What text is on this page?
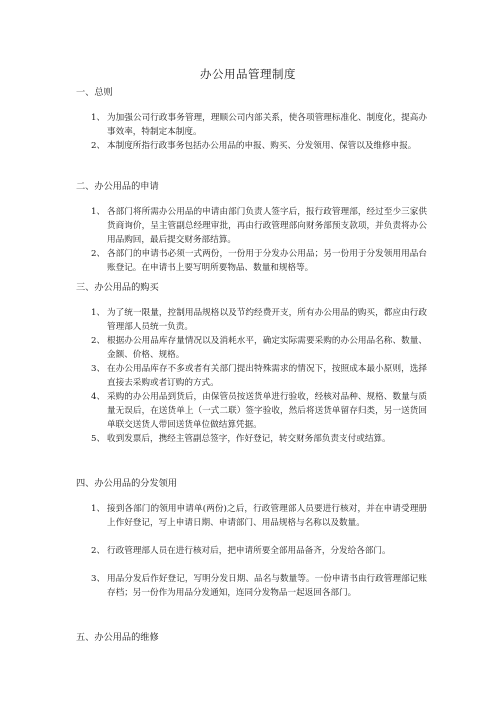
办公用品管理制度
一、总则
1、 为加强公司行政事务管理，理顺公司内部关系，使各项管理标准化、制度化，提高办事效率，特制定本制度。
2、 本制度所指行政事务包括办公用品的申报、购买、分发领用、保管以及维修申报。
二、办公用品的申请
1、 各部门将所需办公用品的申请由部门负责人签字后，报行政管理部，经过至少三家供货商询价，呈主管副总经理审批，再由行政管理部向财务部预支款项，并负责将办公用品购回，最后提交财务部结算。
2、 各部门的申请书必须一式两份，一份用于分发办公用品；另一份用于分发领用用品台账登记。在申请书上要写明所要物品、数量和规格等。
三、办公用品的购买
1、 为了统一限量，控制用品规格以及节约经费开支，所有办公用品的购买，都应由行政管理部人员统一负责。
2、 根据办公用品库存量情况以及消耗水平，确定实际需要采购的办公用品名称、数量、金额、价格、规格。
3、 在办公用品库存不多或者有关部门提出特殊需求的情况下，按照成本最小原则，选择直接去采购或者订购的方式。
4、 采购的办公用品到货后，由保管员按送货单进行验收，经核对品种、规格、数量与质量无误后，在送货单上（一式二联）签字验收，然后将送货单留存归类，另一送货回单联交送货人带回送货单位做结算凭据。
5、 收到发票后，携经主管副总签字，作好登记，转交财务部负责支付或结算。
四、办公用品的分发领用
1、 接到各部门的领用申请单(两份)之后，行政管理部人员要进行核对，并在申请受理册上作好登记，写上申请日期、申请部门、用品规格与名称以及数量。
2、 行政管理部人员在进行核对后，把申请所要全部用品备齐，分发给各部门。
3、 用品分发后作好登记，写明分发日期、品名与数量等。一份申请书由行政管理部记账存档；另一份作为用品分发通知，连同分发物品一起返回各部门。
五、办公用品的维修
